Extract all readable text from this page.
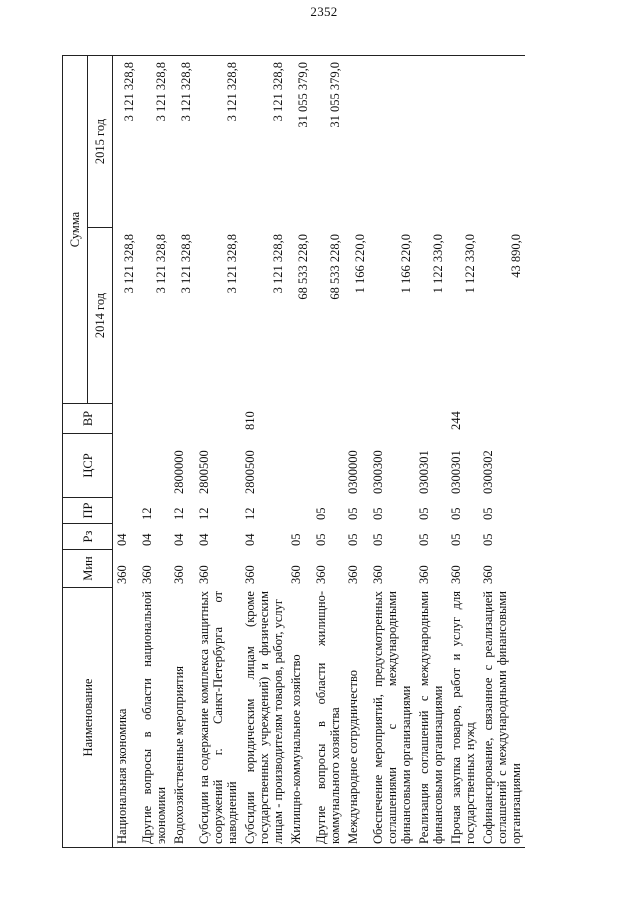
2352
Наименование	Мин	Рз	ПР	ЦСР	ВР	Сумма	
						2014 год	2015 год
Национальная экономика	360	04				3 121 328,8	3 121 328,8
Другие вопросы в области национальной экономики	360	04	12			3 121 328,8	3 121 328,8
Водохозяйственные мероприятия	360	04	12	2800000		3 121 328,8	3 121 328,8
Субсидии на содержание комплекса защитных сооружений г. Санкт-Петербурга от наводнений	360	04	12	2800500		3 121 328,8	3 121 328,8
Субсидии юридическим лицам (кроме государственных учреждений) и физическим лицам - производителям товаров, работ, услуг	360	04	12	2800500	810	3 121 328,8	3 121 328,8
Жилищно-коммунальное хозяйство	360	05				68 533 228,0	31 055 379,0
Другие вопросы в области жилищно-коммунального хозяйства	360	05	05			68 533 228,0	31 055 379,0
Международное сотрудничество	360	05	05	0300000		1 166 220,0	
Обеспечение мероприятий, предусмотренных соглашениями с международными финансовыми организациями	360	05	05	0300300		1 166 220,0	
Реализация соглашений с международными финансовыми организациями	360	05	05	0300301		1 122 330,0	
Прочая закупка товаров, работ и услуг для государственных нужд	360	05	05	0300301	244	1 122 330,0	
Софинансирование, связанное с реализацией соглашений с международными финансовыми организациями	360	05	05	0300302		43 890,0	
